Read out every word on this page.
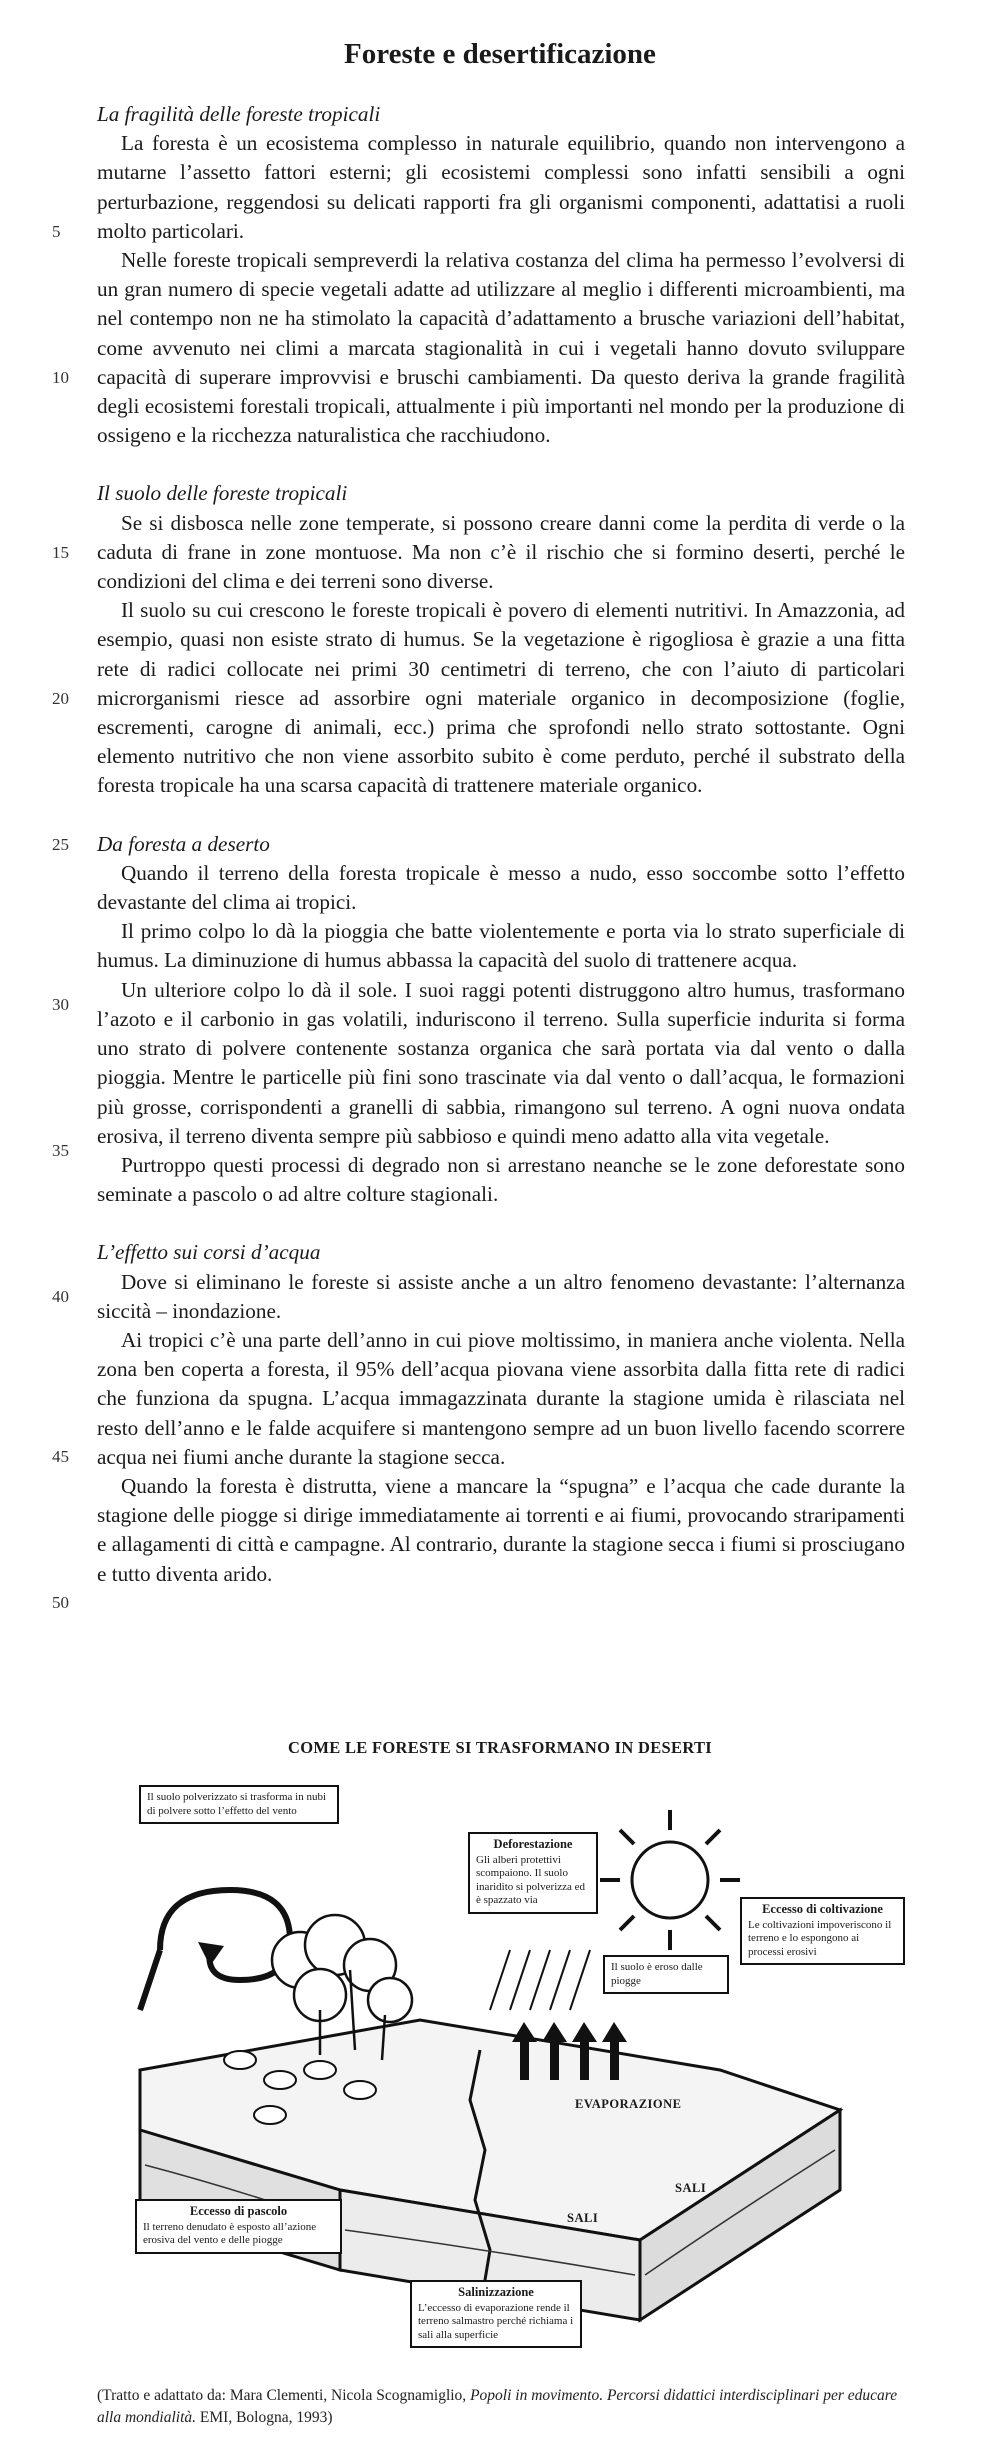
Foreste e desertificazione
5
10
15
20
25
30
35
40
45
50
La fragilità delle foreste tropicali

La foresta è un ecosistema complesso in naturale equilibrio, quando non intervengono a mutarne l’assetto fattori esterni; gli ecosistemi complessi sono infatti sensibili a ogni perturbazione, reggendosi su delicati rapporti fra gli organismi componenti, adattatisi a ruoli molto particolari.

Nelle foreste tropicali sempreverdi la relativa costanza del clima ha permesso l’evolversi di un gran numero di specie vegetali adatte ad utilizzare al meglio i differenti microambienti, ma nel contempo non ne ha stimolato la capacità d’adattamento a brusche variazioni dell’habitat, come avvenuto nei climi a marcata stagionalità in cui i vegetali hanno dovuto sviluppare capacità di superare improvvisi e bruschi cambiamenti. Da questo deriva la grande fragilità degli ecosistemi forestali tropicali, attualmente i più importanti nel mondo per la produzione di ossigeno e la ricchezza naturalistica che racchiudono.

Il suolo delle foreste tropicali

Se si disbosca nelle zone temperate, si possono creare danni come la perdita di verde o la caduta di frane in zone montuose. Ma non c’è il rischio che si formino deserti, perché le condizioni del clima e dei terreni sono diverse.

Il suolo su cui crescono le foreste tropicali è povero di elementi nutritivi. In Amazzonia, ad esempio, quasi non esiste strato di humus. Se la vegetazione è rigogliosa è grazie a una fitta rete di radici collocate nei primi 30 centimetri di terreno, che con l’aiuto di particolari microrganismi riesce ad assorbire ogni materiale organico in decomposizione (foglie, escrementi, carogne di animali, ecc.) prima che sprofondi nello strato sottostante. Ogni elemento nutritivo che non viene assorbito subito è come perduto, perché il substrato della foresta tropicale ha una scarsa capacità di trattenere materiale organico.

Da foresta a deserto

Quando il terreno della foresta tropicale è messo a nudo, esso soccombe sotto l’effetto devastante del clima ai tropici.

Il primo colpo lo dà la pioggia che batte violentemente e porta via lo strato superficiale di humus. La diminuzione di humus abbassa la capacità del suolo di trattenere acqua.

Un ulteriore colpo lo dà il sole. I suoi raggi potenti distruggono altro humus, trasformano l’azoto e il carbonio in gas volatili, induriscono il terreno. Sulla superficie indurita si forma uno strato di polvere contenente sostanza organica che sarà portata via dal vento o dalla pioggia. Mentre le particelle più fini sono trascinate via dal vento o dall’acqua, le formazioni più grosse, corrispondenti a granelli di sabbia, rimangono sul terreno. A ogni nuova ondata erosiva, il terreno diventa sempre più sabbioso e quindi meno adatto alla vita vegetale.

Purtroppo questi processi di degrado non si arrestano neanche se le zone deforestate sono seminate a pascolo o ad altre colture stagionali.

L’effetto sui corsi d’acqua

Dove si eliminano le foreste si assiste anche a un altro fenomeno devastante: l’alternanza siccità – inondazione.

Ai tropici c’è una parte dell’anno in cui piove moltissimo, in maniera anche violenta. Nella zona ben coperta a foresta, il 95% dell’acqua piovana viene assorbita dalla fitta rete di radici che funziona da spugna. L’acqua immagazzinata durante la stagione umida è rilasciata nel resto dell’anno e le falde acquifere si mantengono sempre ad un buon livello facendo scorrere acqua nei fiumi anche durante la stagione secca.

Quando la foresta è distrutta, viene a mancare la “spugna” e l’acqua che cade durante la stagione delle piogge si dirige immediatamente ai torrenti e ai fiumi, provocando straripamenti e allagamenti di città e campagne. Al contrario, durante la stagione secca i fiumi si prosciugano e tutto diventa arido.

COME LE FORESTE SI TRASFORMANO IN DESERTI
Il suolo polverizzato si trasforma in nubi di polvere sotto l’effetto del vento
Deforestazione
Gli alberi protettivi scompaiono. Il suolo inaridito si polverizza ed è spazzato via
Il suolo è eroso dalle piogge
Eccesso di coltivazione
Le coltivazioni impoveriscono il terreno e lo espongono ai processi erosivi
EVAPORAZIONE
SALI
SALI
Eccesso di pascolo
Il terreno denudato è esposto all’azione erosiva del vento e delle piogge
Salinizzazione
L’eccesso di evaporazione rende il terreno salmastro perché richiama i sali alla superficie
(Tratto e adattato da: Mara Clementi, Nicola Scognamiglio, Popoli in movimento. Percorsi didattici interdisciplinari per educare alla mondialità. EMI, Bologna, 1993)
